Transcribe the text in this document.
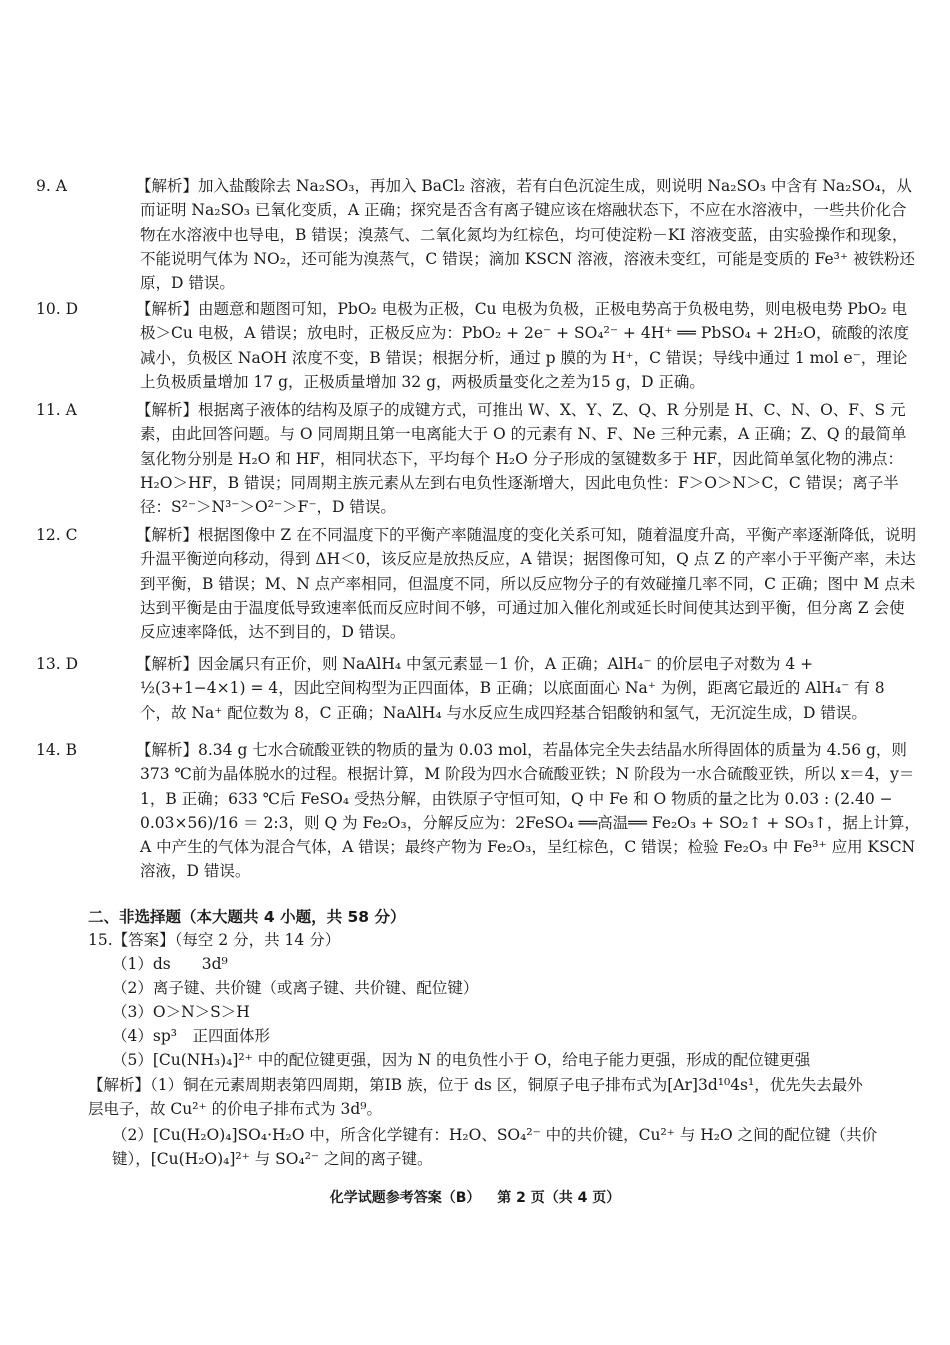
9. A	【解析】加入盐酸除去 Na₂SO₃，再加入 BaCl₂ 溶液，若有白色沉淀生成，则说明 Na₂SO₃ 中含有 Na₂SO₄，从而证明 Na₂SO₃ 已氧化变质，A 正确；探究是否含有离子键应该在熔融状态下，不应在水溶液中，一些共价化合物在水溶液中也导电，B 错误；溴蒸气、二氧化氮均为红棕色，均可使淀粉－KI 溶液变蓝，由实验操作和现象，不能说明气体为 NO₂，还可能为溴蒸气，C 错误；滴加 KSCN 溶液，溶液未变红，可能是变质的 Fe³⁺ 被铁粉还原，D 错误。

10. D	【解析】由题意和题图可知，PbO₂ 电极为正极，Cu 电极为负极，正极电势高于负极电势，则电极电势 PbO₂ 电极＞Cu 电极，A 错误；放电时，正极反应为：PbO₂ + 2e⁻ + SO₄²⁻ + 4H⁺ ══ PbSO₄ + 2H₂O，硫酸的浓度减小，负极区 NaOH 浓度不变，B 错误；根据分析，通过 p 膜的为 H⁺，C 错误；导线中通过 1 mol e⁻，理论上负极质量增加 17 g，正极质量增加 32 g，两极质量变化之差为15 g，D 正确。

11. A	【解析】根据离子液体的结构及原子的成键方式，可推出 W、X、Y、Z、Q、R 分别是 H、C、N、O、F、S 元素，由此回答问题。与 O 同周期且第一电离能大于 O 的元素有 N、F、Ne 三种元素，A 正确；Z、Q 的最简单氢化物分别是 H₂O 和 HF，相同状态下，平均每个 H₂O 分子形成的氢键数多于 HF，因此简单氢化物的沸点：H₂O＞HF，B 错误；同周期主族元素从左到右电负性逐渐增大，因此电负性：F＞O＞N＞C，C 错误；离子半径：S²⁻＞N³⁻＞O²⁻＞F⁻，D 错误。

12. C	【解析】根据图像中 Z 在不同温度下的平衡产率随温度的变化关系可知，随着温度升高，平衡产率逐渐降低，说明升温平衡逆向移动，得到 ΔH＜0，该反应是放热反应，A 错误；据图像可知，Q 点 Z 的产率小于平衡产率，未达到平衡，B 错误；M、N 点产率相同，但温度不同，所以反应物分子的有效碰撞几率不同，C 正确；图中 M 点未达到平衡是由于温度低导致速率低而反应时间不够，可通过加入催化剂或延长时间使其达到平衡，但分离 Z 会使反应速率降低，达不到目的，D 错误。

13. D	【解析】因金属只有正价，则 NaAlH₄ 中氢元素显－1 价，A 正确；AlH₄⁻ 的价层电子对数为 4 + ½(3+1−4×1) = 4，因此空间构型为正四面体，B 正确；以底面面心 Na⁺ 为例，距离它最近的 AlH₄⁻ 有 8 个，故 Na⁺ 配位数为 8，C 正确；NaAlH₄ 与水反应生成四羟基合铝酸钠和氢气，无沉淀生成，D 错误。

14. B	【解析】8.34 g 七水合硫酸亚铁的物质的量为 0.03 mol，若晶体完全失去结晶水所得固体的质量为 4.56 g，则 373 ℃前为晶体脱水的过程。根据计算，M 阶段为四水合硫酸亚铁；N 阶段为一水合硫酸亚铁，所以 x＝4，y＝1，B 正确；633 ℃后 FeSO₄ 受热分解，由铁原子守恒可知，Q 中 Fe 和 O 物质的量之比为 0.03 : (2.40 − 0.03×56)/16 ＝ 2:3，则 Q 为 Fe₂O₃，分解反应为：2FeSO₄ ══高温══ Fe₂O₃ + SO₂↑ + SO₃↑，据上计算，A 中产生的气体为混合气体，A 错误；最终产物为 Fe₂O₃，呈红棕色，C 错误；检验 Fe₂O₃ 中 Fe³⁺ 应用 KSCN 溶液，D 错误。

二、非选择题（本大题共 4 小题，共 58 分）
15.【答案】（每空 2 分，共 14 分）
（1）ds　　3d⁹
（2）离子键、共价键（或离子键、共价键、配位键）
（3）O＞N＞S＞H
（4）sp³　正四面体形
（5）[Cu(NH₃)₄]²⁺ 中的配位键更强，因为 N 的电负性小于 O，给电子能力更强，形成的配位键更强
【解析】（1）铜在元素周期表第四周期，第ⅠB 族，位于 ds 区，铜原子电子排布式为[Ar]3d¹⁰4s¹，优先失去最外层电子，故 Cu²⁺ 的价电子排布式为 3d⁹。
（2）[Cu(H₂O)₄]SO₄·H₂O 中，所含化学键有：H₂O、SO₄²⁻ 中的共价键，Cu²⁺ 与 H₂O 之间的配位键（共价键），[Cu(H₂O)₄]²⁺ 与 SO₄²⁻ 之间的离子键。
化学试题参考答案（B） 第 2 页（共 4 页）
